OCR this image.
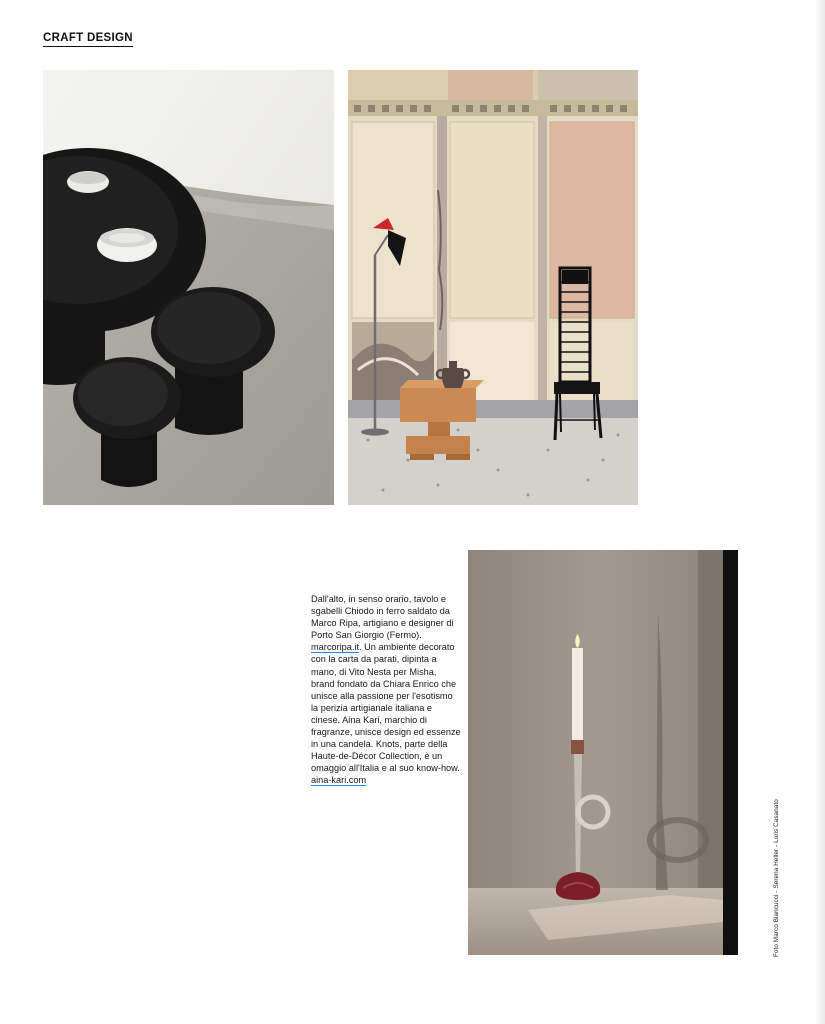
CRAFT DESIGN

Dall'alto, in senso orario, tavolo e sgabelli Chiodo in ferro saldato da Marco Ripa, artigiano e designer di Porto San Giorgio (Fermo). marcoripa.it. Un ambiente decorato con la carta da parati, dipinta a mano, di Vito Nesta per Misha, brand fondato da Chiara Enrico che unisce alla passione per l'esotismo la perizia artigianale italiana e cinese. Aina Kari, marchio di fragranze, unisce design ed essenze in una candela. Knots, parte della Haute-de-Décor Collection, è un omaggio all'Italia e al suo know-how. aina-kari.com

Foto Marco Biancucci - Serena Heller - Loris Casanato
